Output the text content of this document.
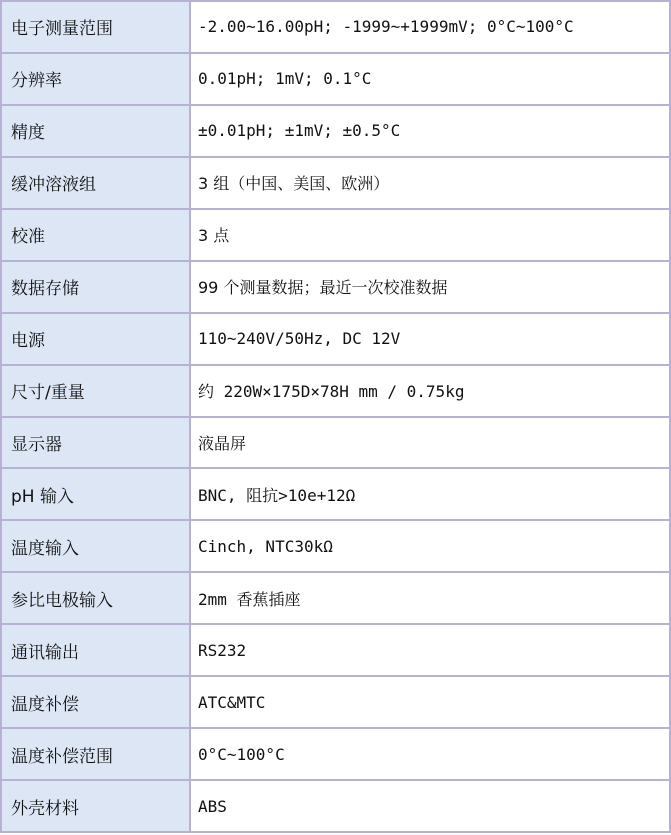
电子测量范围	-2.00~16.00pH; -1999~+1999mV; 0°C~100°C
分辨率	0.01pH; 1mV; 0.1°C
精度	±0.01pH; ±1mV; ±0.5°C
缓冲溶液组	3 组（中国、美国、欧洲）
校准	3 点
数据存储	99 个测量数据；最近一次校准数据
电源	110~240V/50Hz, DC 12V
尺寸/重量	约 220W×175D×78H mm / 0.75kg
显示器	液晶屏
pH 输入	BNC, 阻抗>10e+12Ω
温度输入	Cinch, NTC30kΩ
参比电极输入	2mm 香蕉插座
通讯输出	RS232
温度补偿	ATC&MTC
温度补偿范围	0°C~100°C
外壳材料	ABS
